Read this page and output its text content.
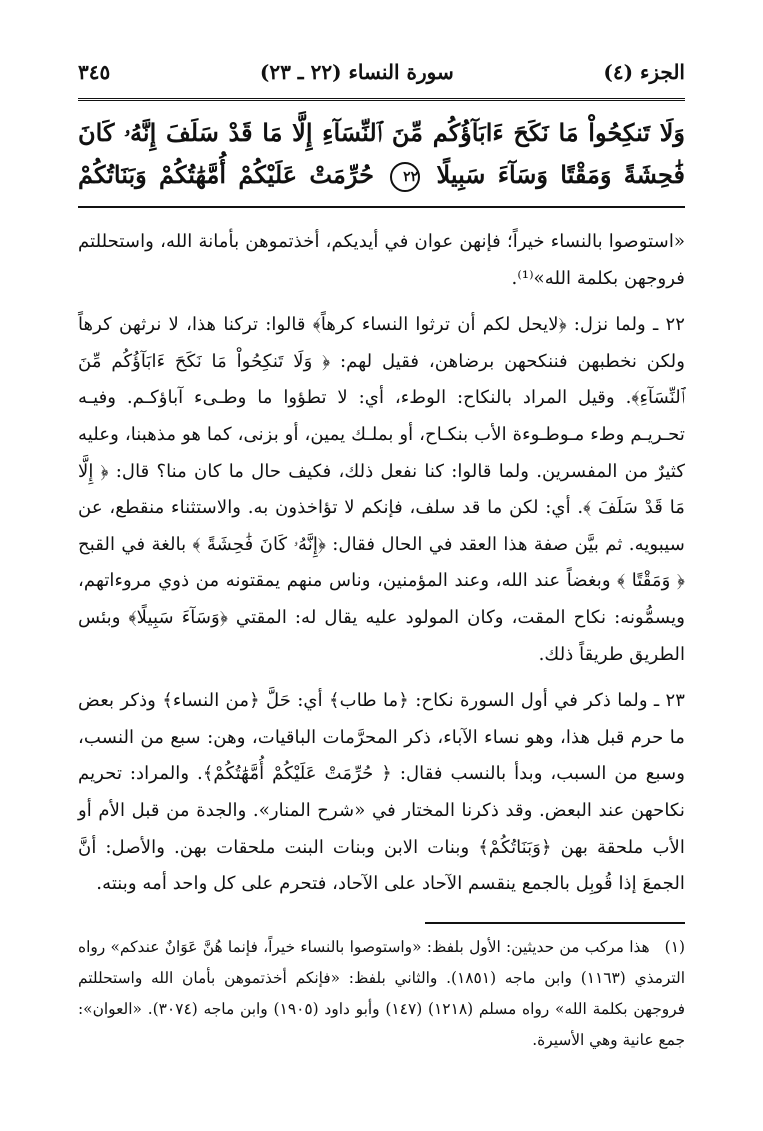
الجزء (٤)
سورة النساء (٢٢ ـ ٢٣)
٣٤٥
وَلَا تَنكِحُواْ مَا نَكَحَ ءَابَآؤُكُم مِّنَ ٱلنِّسَآءِ إِلَّا مَا قَدْ سَلَفَ إِنَّهُۥ كَانَ
فَٰحِشَةً وَمَقْتًا وَسَآءَ سَبِيلًا ٢٢ حُرِّمَتْ عَلَيْكُمْ أُمَّهَٰتُكُمْ وَبَنَاتُكُمْ

«استوصوا بالنساء خيراً؛ فإنهن عوان في أيديكم، أخذتموهن بأمانة الله، واستحللتم فروجهن بكلمة الله»⁽¹⁾.

٢٢ ـ ولما نزل: ﴿لايحل لكم أن ترثوا النساء كرهاً﴾ قالوا: تركنا هذا، لا نرثهن كرهاً ولكن نخطبهن فننكحهن برضاهن، فقيل لهم: ﴿ وَلَا تَنكِحُواْ مَا نَكَحَ ءَابَآؤُكُم مِّنَ ٱلنِّسَآءِ﴾. وقيل المراد بالنكاح: الوطء، أي: لا تطؤوا ما وطـىء آباؤكـم. وفيـه تحـريـم وطء مـوطـوءة الأب بنكـاح، أو بملـك يمين، أو بزنى، كما هو مذهبنا، وعليه كثيرٌ من المفسرين. ولما قالوا: كنا نفعل ذلك، فكيف حال ما كان منا؟ قال: ﴿ إِلَّا مَا قَدْ سَلَفَ ﴾. أي: لكن ما قد سلف، فإنكم لا تؤاخذون به. والاستثناء منقطع، عن سيبويه. ثم بيَّن صفة هذا العقد في الحال فقال: ﴿إِنَّهُۥ كَانَ فَٰحِشَةً ﴾ بالغة في القبح ﴿ وَمَقْتًا ﴾ وبغضاً عند الله، وعند المؤمنين، وناس منهم يمقتونه من ذوي مروءاتهم، ويسمُّونه: نكاح المقت، وكان المولود عليه يقال له: المقتي ﴿وَسَآءَ سَبِيلًا﴾ وبئس الطريق طريقاً ذلك.

٢٣ ـ ولما ذكر في أول السورة نكاح: ﴿ما طاب﴾ أي: حَلَّ ﴿من النساء﴾ وذكر بعض ما حرم قبل هذا، وهو نساء الآباء، ذكر المحرَّمات الباقيات، وهن: سبع من النسب، وسبع من السبب، وبدأ بالنسب فقال: ﴿ حُرِّمَتْ عَلَيْكُمْ أُمَّهَٰتُكُمْ﴾. والمراد: تحريم نكاحهن عند البعض. وقد ذكرنا المختار في «شرح المنار». والجدة من قبل الأم أو الأب ملحقة بهن ﴿وَبَنَاتُكُمْ﴾ وبنات الابن وبنات البنت ملحقات بهن. والأصل: أنَّ الجمعَ إذا قُوبِل بالجمع ينقسم الآحاد على الآحاد، فتحرم على كل واحد أمه وبنته.

(١) هذا مركب من حديثين: الأول بلفظ: «واستوصوا بالنساء خيراً، فإنما هُنَّ عَوَانٌ عندكم» رواه الترمذي (١١٦٣) وابن ماجه (١٨٥١). والثاني بلفظ: «فإنكم أخذتموهن بأمان الله واستحللتم فروجهن بكلمة الله» رواه مسلم (١٢١٨) (١٤٧) وأبو داود (١٩٠٥) وابن ماجه (٣٠٧٤). «العوان»: جمع عانية وهي الأسيرة.
